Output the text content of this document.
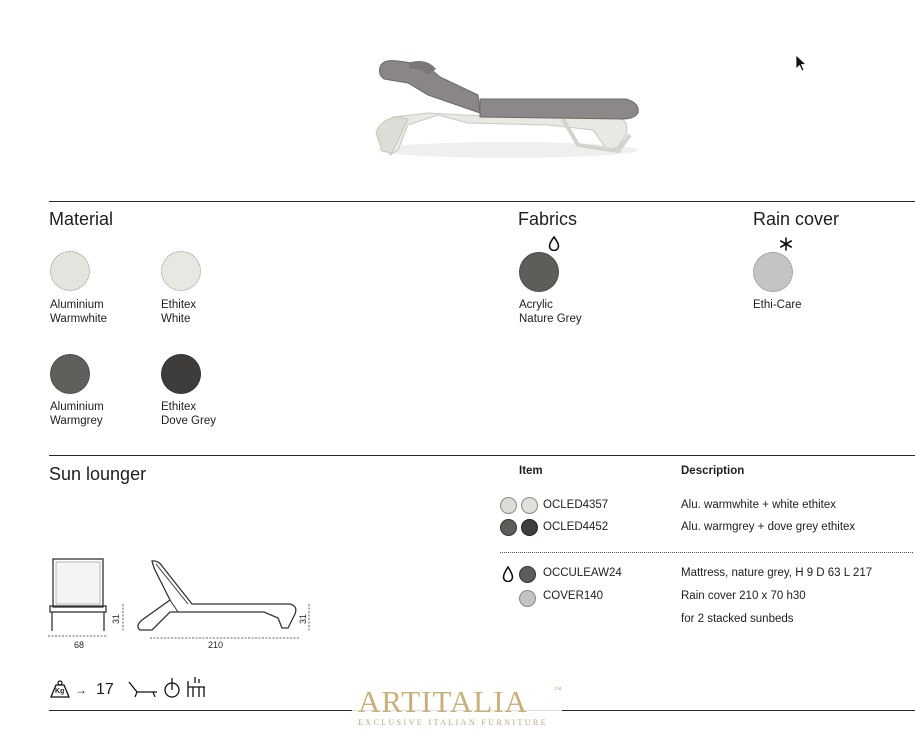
Material	Fabrics	Rain cover
Aluminium
Warmwhite
Ethitex
White
Aluminium
Warmgrey
Ethitex
Dove Grey
Acrylic
Nature Grey
Ethi-Care
Sun lounger	Item	Description
OCLED4357	Alu. warmwhite + white ethitex
OCLED4452	Alu. warmgrey + dove grey ethitex
OCCULEAW24	Mattress, nature grey, H 9 D 63 L 217
COVER140	Rain cover 210 x 70 h30
for 2 stacked sunbeds
68
31
210
31
Kg → 17	ARTITALIA	™
EXCLUSIVE ITALIAN FURNITURE
